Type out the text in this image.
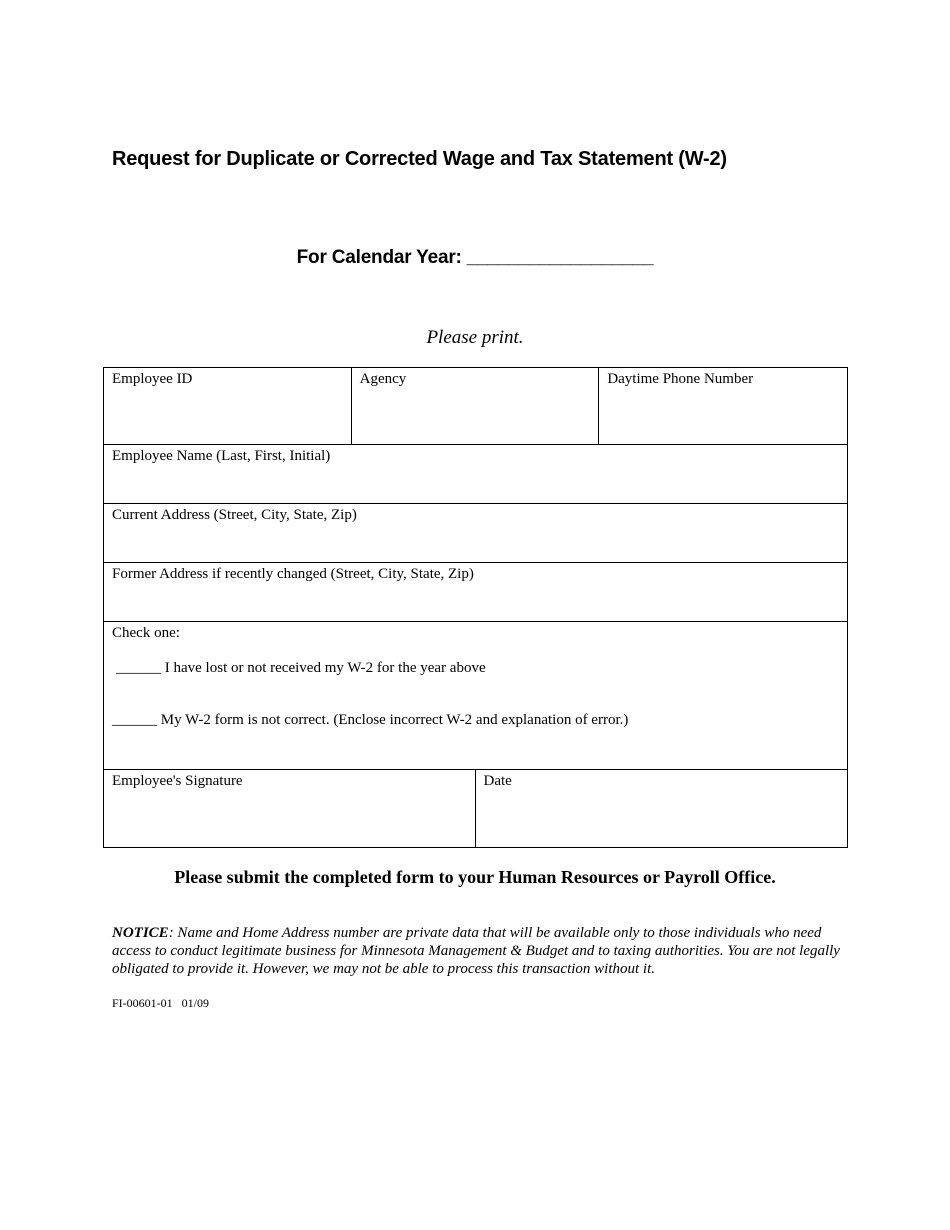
Request for Duplicate or Corrected Wage and Tax Statement (W-2)
For Calendar Year: __________________
Please print.
Employee ID	Agency	Daytime Phone Number
Employee Name (Last, First, Initial)
Current Address (Street, City, State, Zip)
Former Address if recently changed (Street, City, State, Zip)
Check one:
______ I have lost or not received my W-2 for the year above
______ My W-2 form is not correct. (Enclose incorrect W-2 and explanation of error.)
Employee's Signature	Date
Please submit the completed form to your Human Resources or Payroll Office.
NOTICE: Name and Home Address number are private data that will be available only to those individuals who need access to conduct legitimate business for Minnesota Management & Budget and to taxing authorities. You are not legally obligated to provide it. However, we may not be able to process this transaction without it.
FI-00601-01   01/09
